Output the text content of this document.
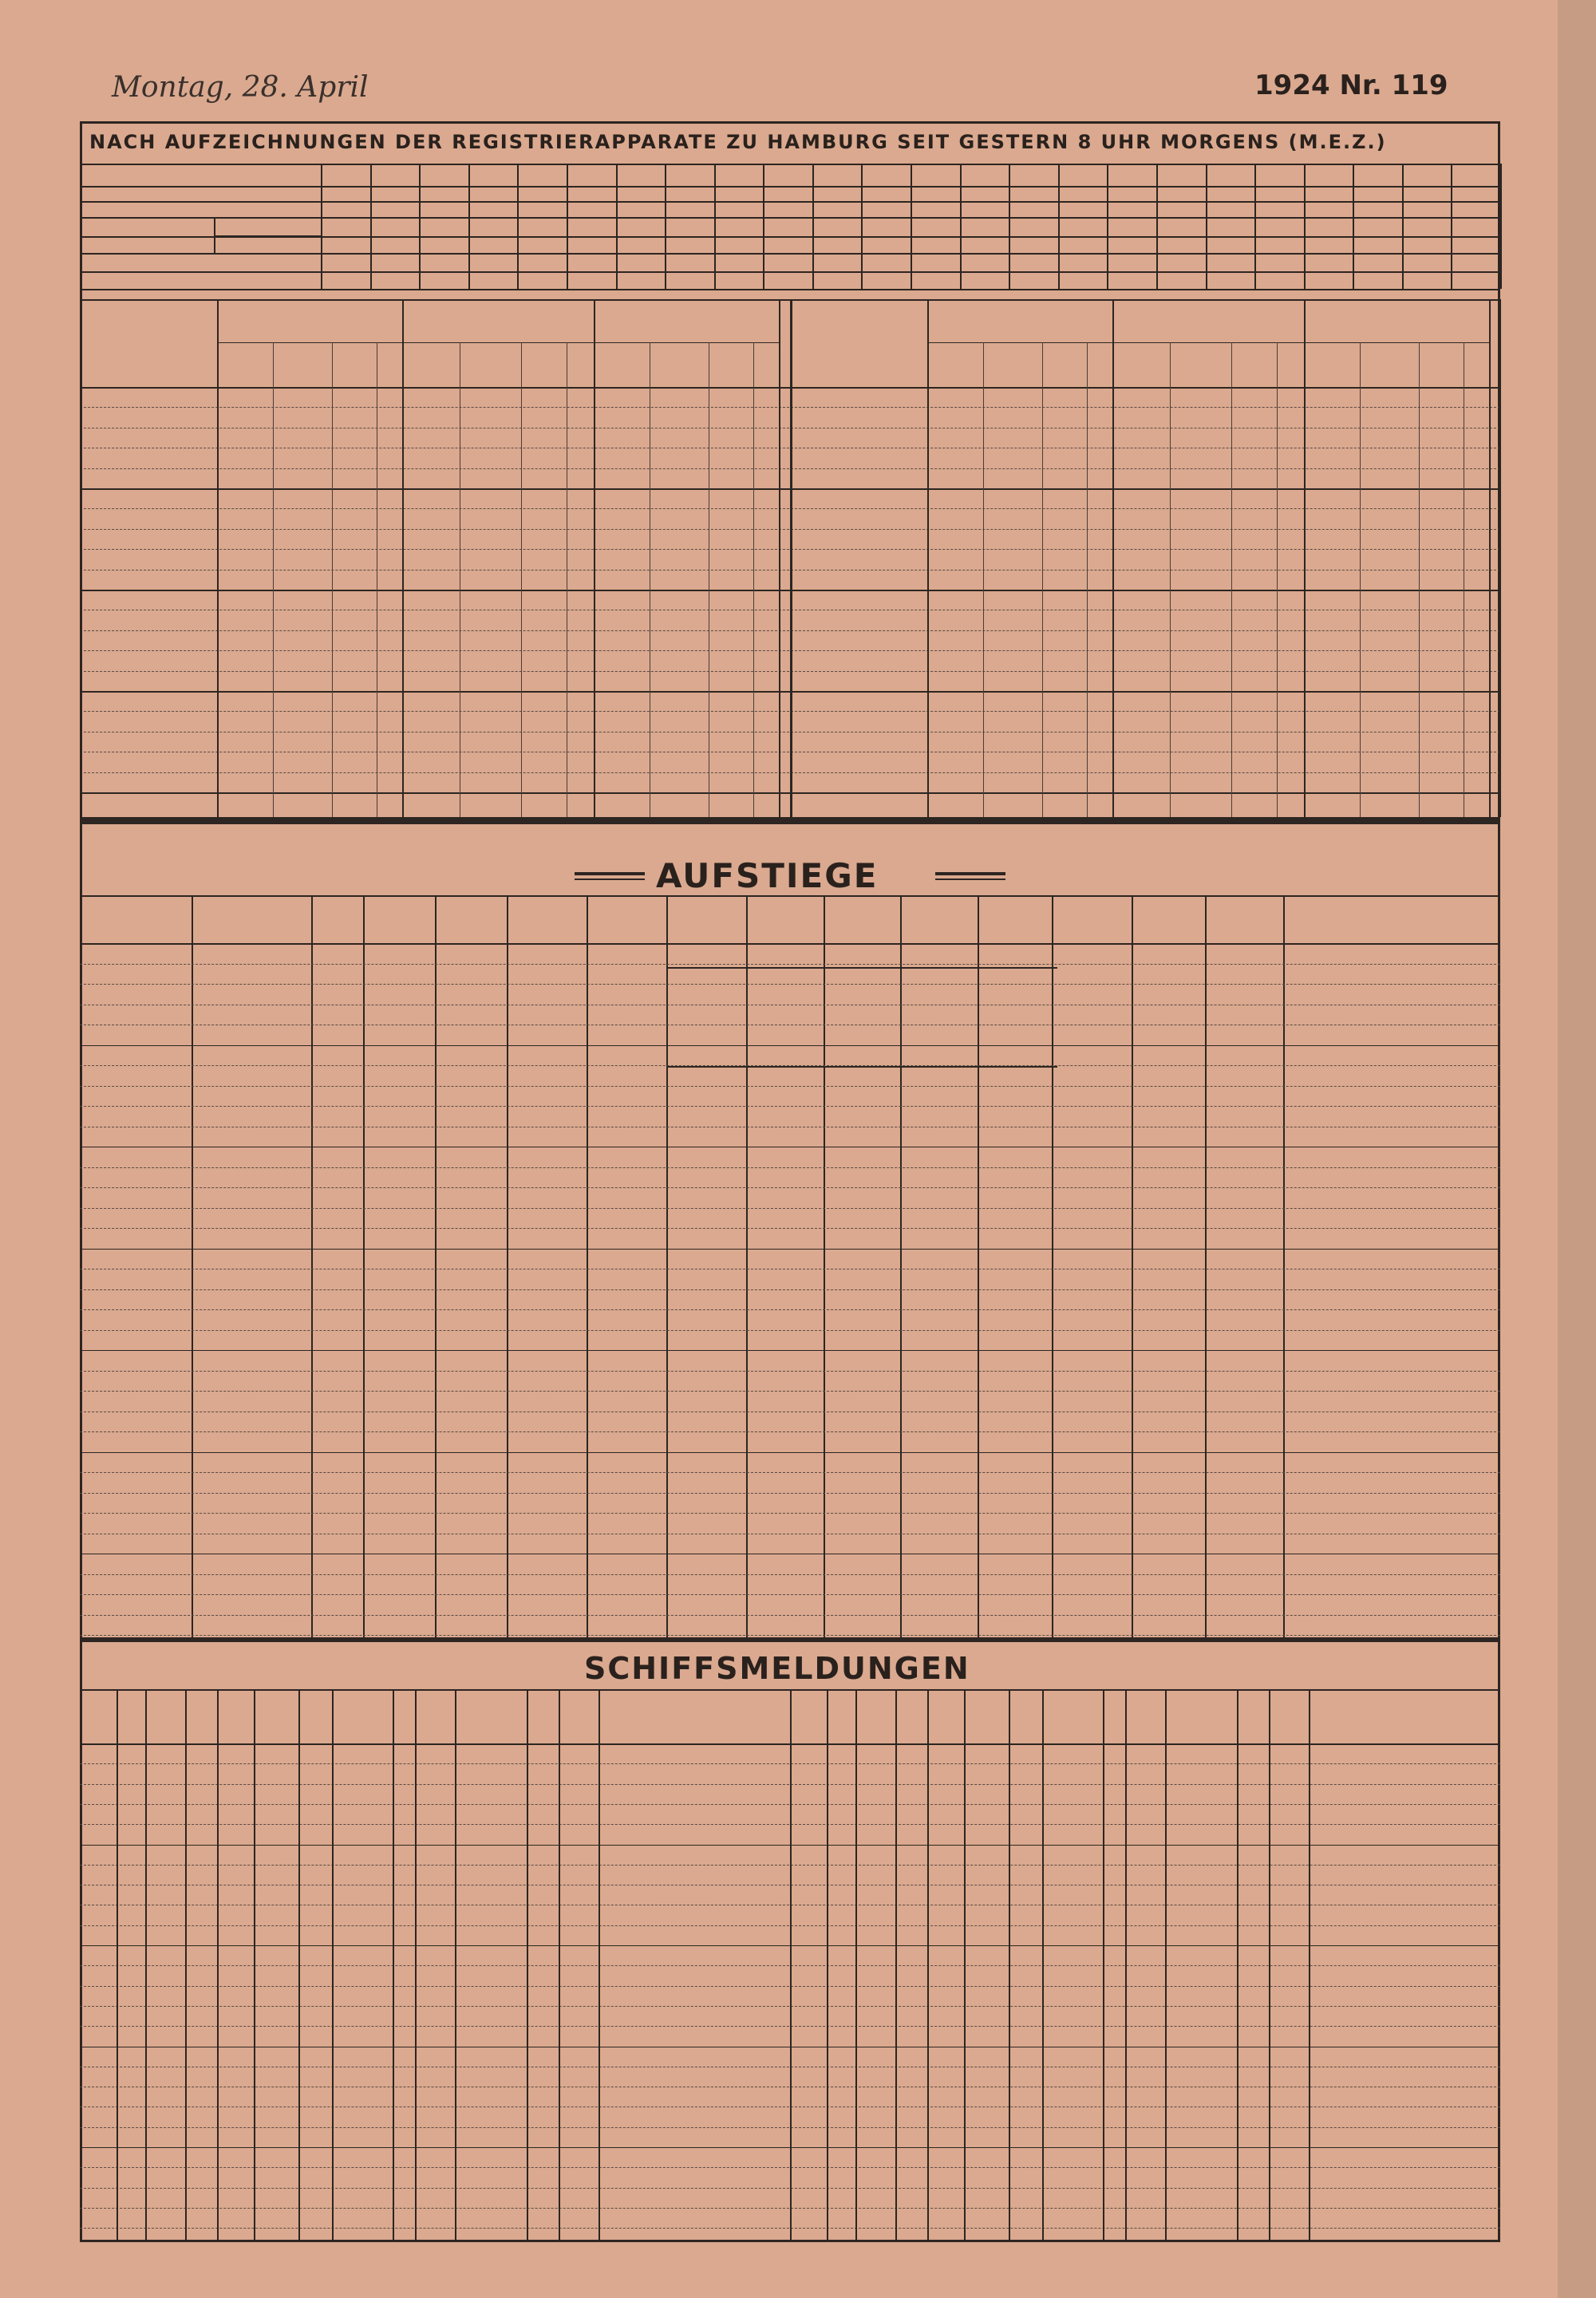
Montag, 28. April	1924 Nr. 119
NACH AUFZEICHNUNGEN DER REGISTRIERAPPARATE ZU HAMBURG SEIT GESTERN 8 UHR MORGENS (M.E.Z.)
AUFSTIEGE
SCHIFFSMELDUNGEN
